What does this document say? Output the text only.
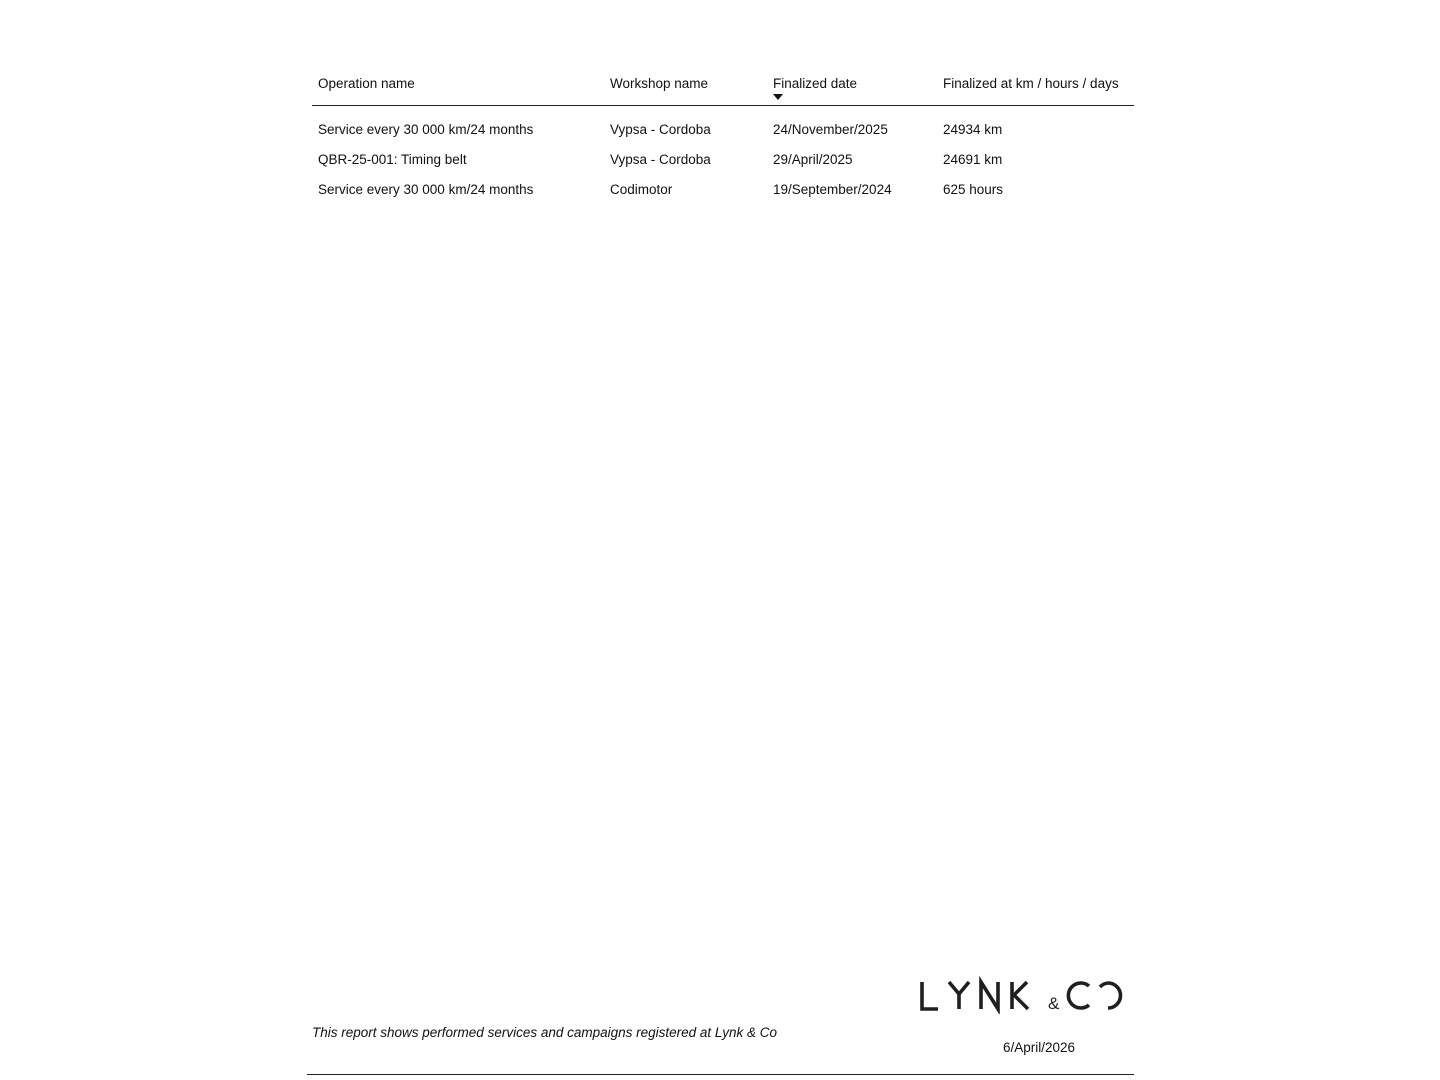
Operation name	Workshop name	Finalized date	Finalized at km / hours / days
Service every 30 000 km/24 months	Vypsa - Cordoba	24/November/2025	24934 km
QBR-25-001: Timing belt	Vypsa - Cordoba	29/April/2025	24691 km
Service every 30 000 km/24 months	Codimotor	19/September/2024	625 hours
&
This report shows performed services and campaigns registered at Lynk & Co
6/April/2026
